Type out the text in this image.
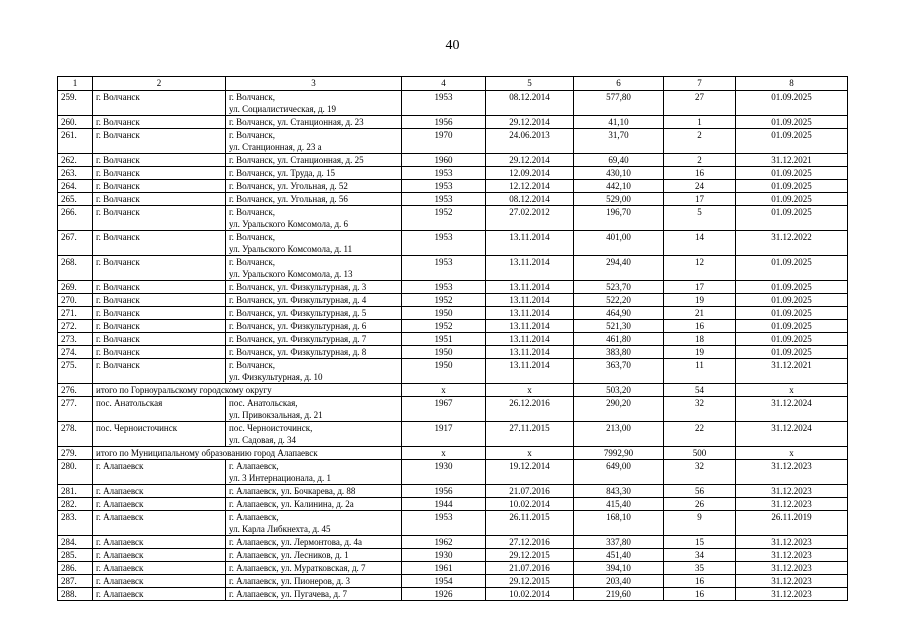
40
1	2	3	4	5	6	7	8
259.	г. Волчанск	г. Волчанск,
ул. Социалистическая, д. 19	1953	08.12.2014	577,80	27	01.09.2025
260.	г. Волчанск	г. Волчанск, ул. Станционная, д. 23	1956	29.12.2014	41,10	1	01.09.2025
261.	г. Волчанск	г. Волчанск,
ул. Станционная, д. 23 а	1970	24.06.2013	31,70	2	01.09.2025
262.	г. Волчанск	г. Волчанск, ул. Станционная, д. 25	1960	29.12.2014	69,40	2	31.12.2021
263.	г. Волчанск	г. Волчанск, ул. Труда, д. 15	1953	12.09.2014	430,10	16	01.09.2025
264.	г. Волчанск	г. Волчанск, ул. Угольная, д. 52	1953	12.12.2014	442,10	24	01.09.2025
265.	г. Волчанск	г. Волчанск, ул. Угольная, д. 56	1953	08.12.2014	529,00	17	01.09.2025
266.	г. Волчанск	г. Волчанск,
ул. Уральского Комсомола, д. 6	1952	27.02.2012	196,70	5	01.09.2025
267.	г. Волчанск	г. Волчанск,
ул. Уральского Комсомола, д. 11	1953	13.11.2014	401,00	14	31.12.2022
268.	г. Волчанск	г. Волчанск,
ул. Уральского Комсомола, д. 13	1953	13.11.2014	294,40	12	01.09.2025
269.	г. Волчанск	г. Волчанск, ул. Физкультурная, д. 3	1953	13.11.2014	523,70	17	01.09.2025
270.	г. Волчанск	г. Волчанск, ул. Физкультурная, д. 4	1952	13.11.2014	522,20	19	01.09.2025
271.	г. Волчанск	г. Волчанск, ул. Физкультурная, д. 5	1950	13.11.2014	464,90	21	01.09.2025
272.	г. Волчанск	г. Волчанск, ул. Физкультурная, д. 6	1952	13.11.2014	521,30	16	01.09.2025
273.	г. Волчанск	г. Волчанск, ул. Физкультурная, д. 7	1951	13.11.2014	461,80	18	01.09.2025
274.	г. Волчанск	г. Волчанск, ул. Физкультурная, д. 8	1950	13.11.2014	383,80	19	01.09.2025
275.	г. Волчанск	г. Волчанск,
ул. Физкультурная, д. 10	1950	13.11.2014	363,70	11	31.12.2021
276.	итого по Горноуральскому городскому округу		x	x	503,20	54	x
277.	пос. Анатольская	пос. Анатольская,
ул. Привокзальная, д. 21	1967	26.12.2016	290,20	32	31.12.2024
278.	пос. Черноисточинск	пос. Черноисточинск,
ул. Садовая, д. 34	1917	27.11.2015	213,00	22	31.12.2024
279.	итого по Муниципальному образованию город Алапаевск		x	x	7992,90	500	x
280.	г. Алапаевск	г. Алапаевск,
ул. 3 Интернационала, д. 1	1930	19.12.2014	649,00	32	31.12.2023
281.	г. Алапаевск	г. Алапаевск, ул. Бочкарева, д. 88	1956	21.07.2016	843,30	56	31.12.2023
282.	г. Алапаевск	г. Алапаевск, ул. Калинина, д. 2а	1944	10.02.2014	415,40	26	31.12.2023
283.	г. Алапаевск	г. Алапаевск,
ул. Карла Либкнехта, д. 45	1953	26.11.2015	168,10	9	26.11.2019
284.	г. Алапаевск	г. Алапаевск, ул. Лермонтова, д. 4а	1962	27.12.2016	337,80	15	31.12.2023
285.	г. Алапаевск	г. Алапаевск, ул. Лесников, д. 1	1930	29.12.2015	451,40	34	31.12.2023
286.	г. Алапаевск	г. Алапаевск, ул. Муратковская, д. 7	1961	21.07.2016	394,10	35	31.12.2023
287.	г. Алапаевск	г. Алапаевск, ул. Пионеров, д. 3	1954	29.12.2015	203,40	16	31.12.2023
288.	г. Алапаевск	г. Алапаевск, ул. Пугачева, д. 7	1926	10.02.2014	219,60	16	31.12.2023
